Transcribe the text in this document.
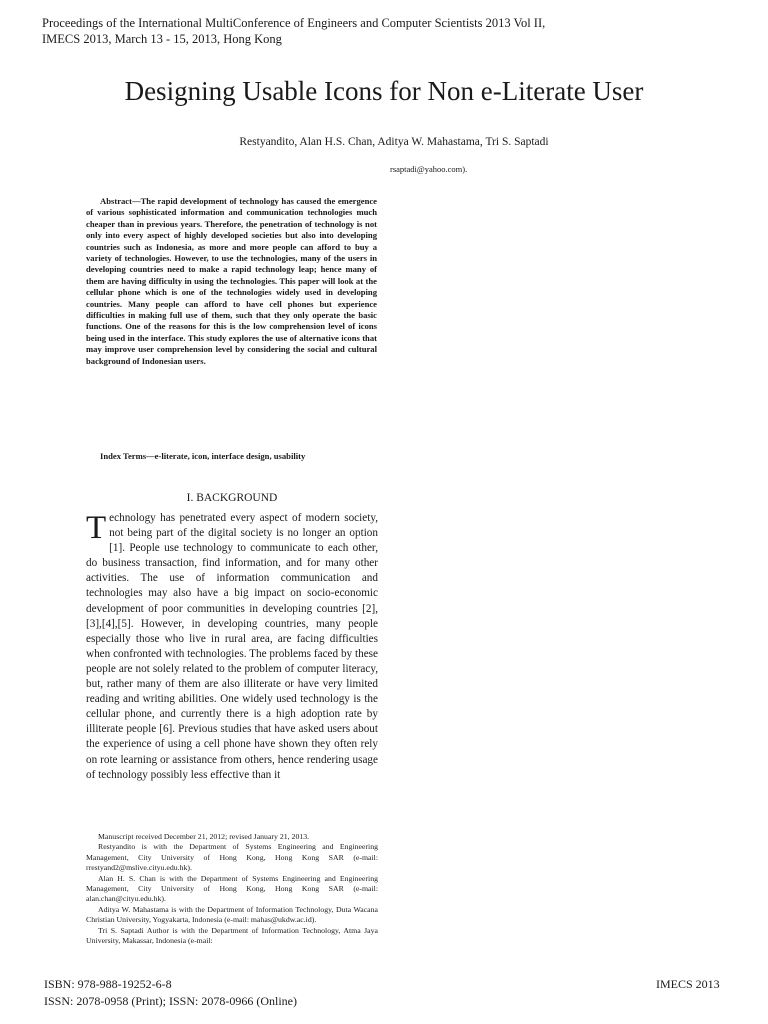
Proceedings of the International MultiConference of Engineers and Computer Scientists 2013 Vol II,
IMECS 2013, March 13 - 15, 2013, Hong Kong
Designing Usable Icons for Non e-Literate User
Restyandito, Alan H.S. Chan, Aditya W. Mahastama, Tri S. Saptadi
rsaptadi@yahoo.com).

Abstract—The rapid development of technology has caused the emergence of various sophisticated information and communication technologies much cheaper than in previous years. Therefore, the penetration of technology is not only into every aspect of highly developed societies but also into developing countries such as Indonesia, as more and more people can afford to buy a variety of technologies. However, to use the technologies, many of the users in developing countries need to make a rapid technology leap; hence many of them are having difficulty in using the technologies. This paper will look at the cellular phone which is one of the technologies widely used in developing countries. Many people can afford to have cell phones but experience difficulties in making full use of them, such that they only operate the basic functions. One of the reasons for this is the low comprehension level of icons being used in the interface. This study explores the use of alternative icons that may improve user comprehension level by considering the social and cultural background of Indonesian users.

Index Terms—e-literate, icon, interface design, usability
I. BACKGROUND

Technology has penetrated every aspect of modern society, not being part of the digital society is no longer an option [1]. People use technology to communicate to each other, do business transaction, find information, and for many other activities. The use of information communication and technologies may also have a big impact on socio-economic development of poor communities in developing countries [2],[3],[4],[5]. However, in developing countries, many people especially those who live in rural area, are facing difficulties when confronted with technologies. The problems faced by these people are not solely related to the problem of computer literacy, but, rather many of them are also illiterate or have very limited reading and writing abilities. One widely used technology is the cellular phone, and currently there is a high adoption rate by illiterate people [6]. Previous studies that have asked users about the experience of using a cell phone have shown they often rely on rote learning or assistance from others, hence rendering usage of technology possibly less effective than it

Manuscript received December 21, 2012; revised January 21, 2013.

Restyandito is with the Department of Systems Engineering and Engineering Management, City University of Hong Kong, Hong Kong SAR (e-mail: rrestyand2@mslive.cityu.edu.hk).

Alan H. S. Chan is with the Department of Systems Engineering and Engineering Management, City University of Hong Kong, Hong Kong SAR (e-mail: alan.chan@cityu.edu.hk).

Aditya W. Mahastama is with the Department of Information Technology, Duta Wacana Christian University, Yogyakarta, Indonesia (e-mail: mahas@ukdw.ac.id).

Tri S. Saptadi Author is with the Department of Information Technology, Atma Jaya University, Makassar, Indonesia (e-mail:

ISBN: 978-988-19252-6-8
ISSN: 2078-0958 (Print); ISSN: 2078-0966 (Online)
IMECS 2013
